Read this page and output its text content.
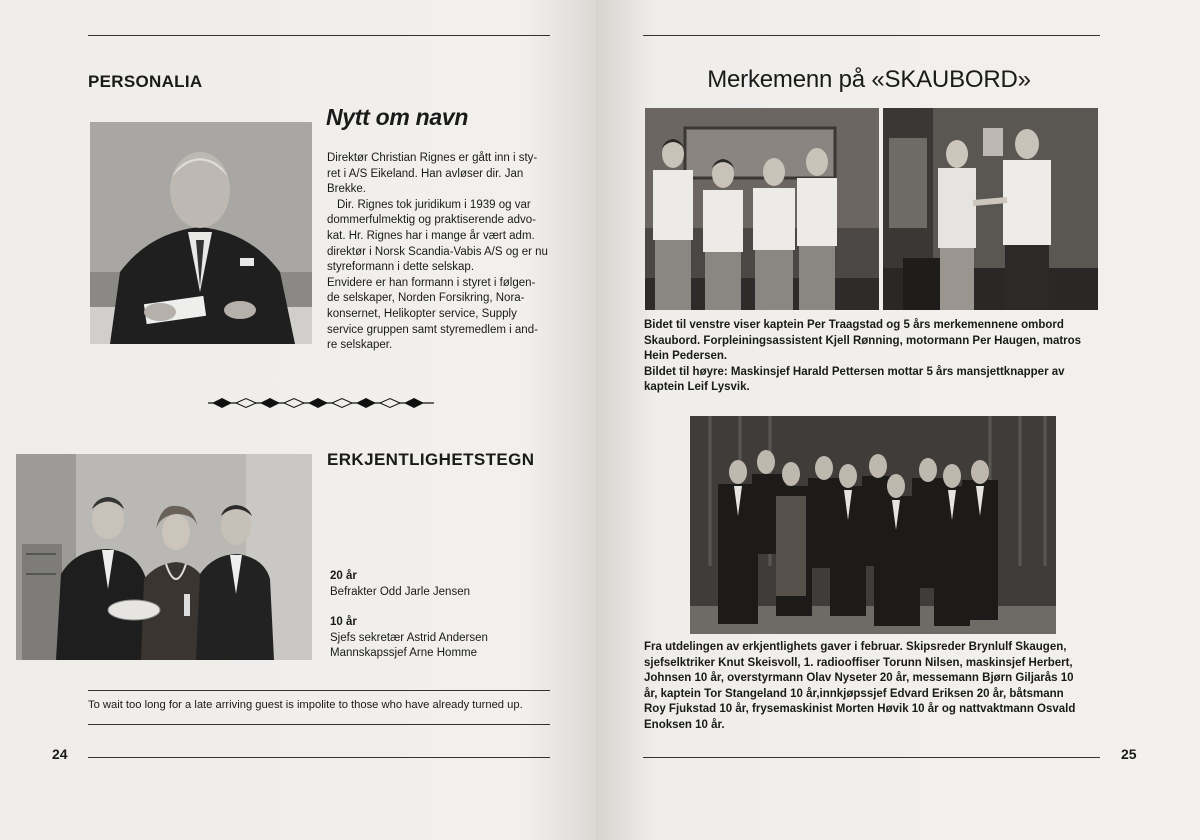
PERSONALIA
Nytt om navn
Direktør Christian Rignes er gått inn i sty-
ret i A/S Eikeland. Han avløser dir. Jan
Brekke.
Dir. Rignes tok juridikum i 1939 og var
dommerfulmektig og praktiserende advo-
kat. Hr. Rignes har i mange år vært adm.
direktør i Norsk Scandia-Vabis A/S og er nu
styreformann i dette selskap.
Envidere er han formann i styret i følgen-
de selskaper, Norden Forsikring, Nora-
konsernet, Helikopter service, Supply
service gruppen samt styremedlem i and-
re selskaper.
ERKJENTLIGHETSTEGN
20 år
Befrakter Odd Jarle Jensen
10 år
Sjefs sekretær Astrid Andersen
Mannskapssjef Arne Homme
To wait too long for a late arriving guest is impolite to those who have already turned up.
24
Merkemenn på «SKAUBORD»
Bidet til venstre viser kaptein Per Traagstad og 5 års merkemennene ombord
Skaubord. Forpleiningsassistent Kjell Rønning, motormann Per Haugen, matros
Hein Pedersen.
Bildet til høyre: Maskinsjef Harald Pettersen mottar 5 års mansjettknapper av
kaptein Leif Lysvik.
Fra utdelingen av erkjentlighets gaver i februar. Skipsreder Brynlulf Skaugen,
sjefselktriker Knut Skeisvoll, 1. radiooffiser Torunn Nilsen, maskinsjef Herbert,
Johnsen 10 år, overstyrmann Olav Nyseter 20 år, messemann Bjørn Giljarås 10
år, kaptein Tor Stangeland 10 år,innkjøpssjef Edvard Eriksen 20 år, båtsmann
Roy Fjukstad 10 år, frysemaskinist Morten Høvik 10 år og nattvaktmann Osvald
Enoksen 10 år.
25
